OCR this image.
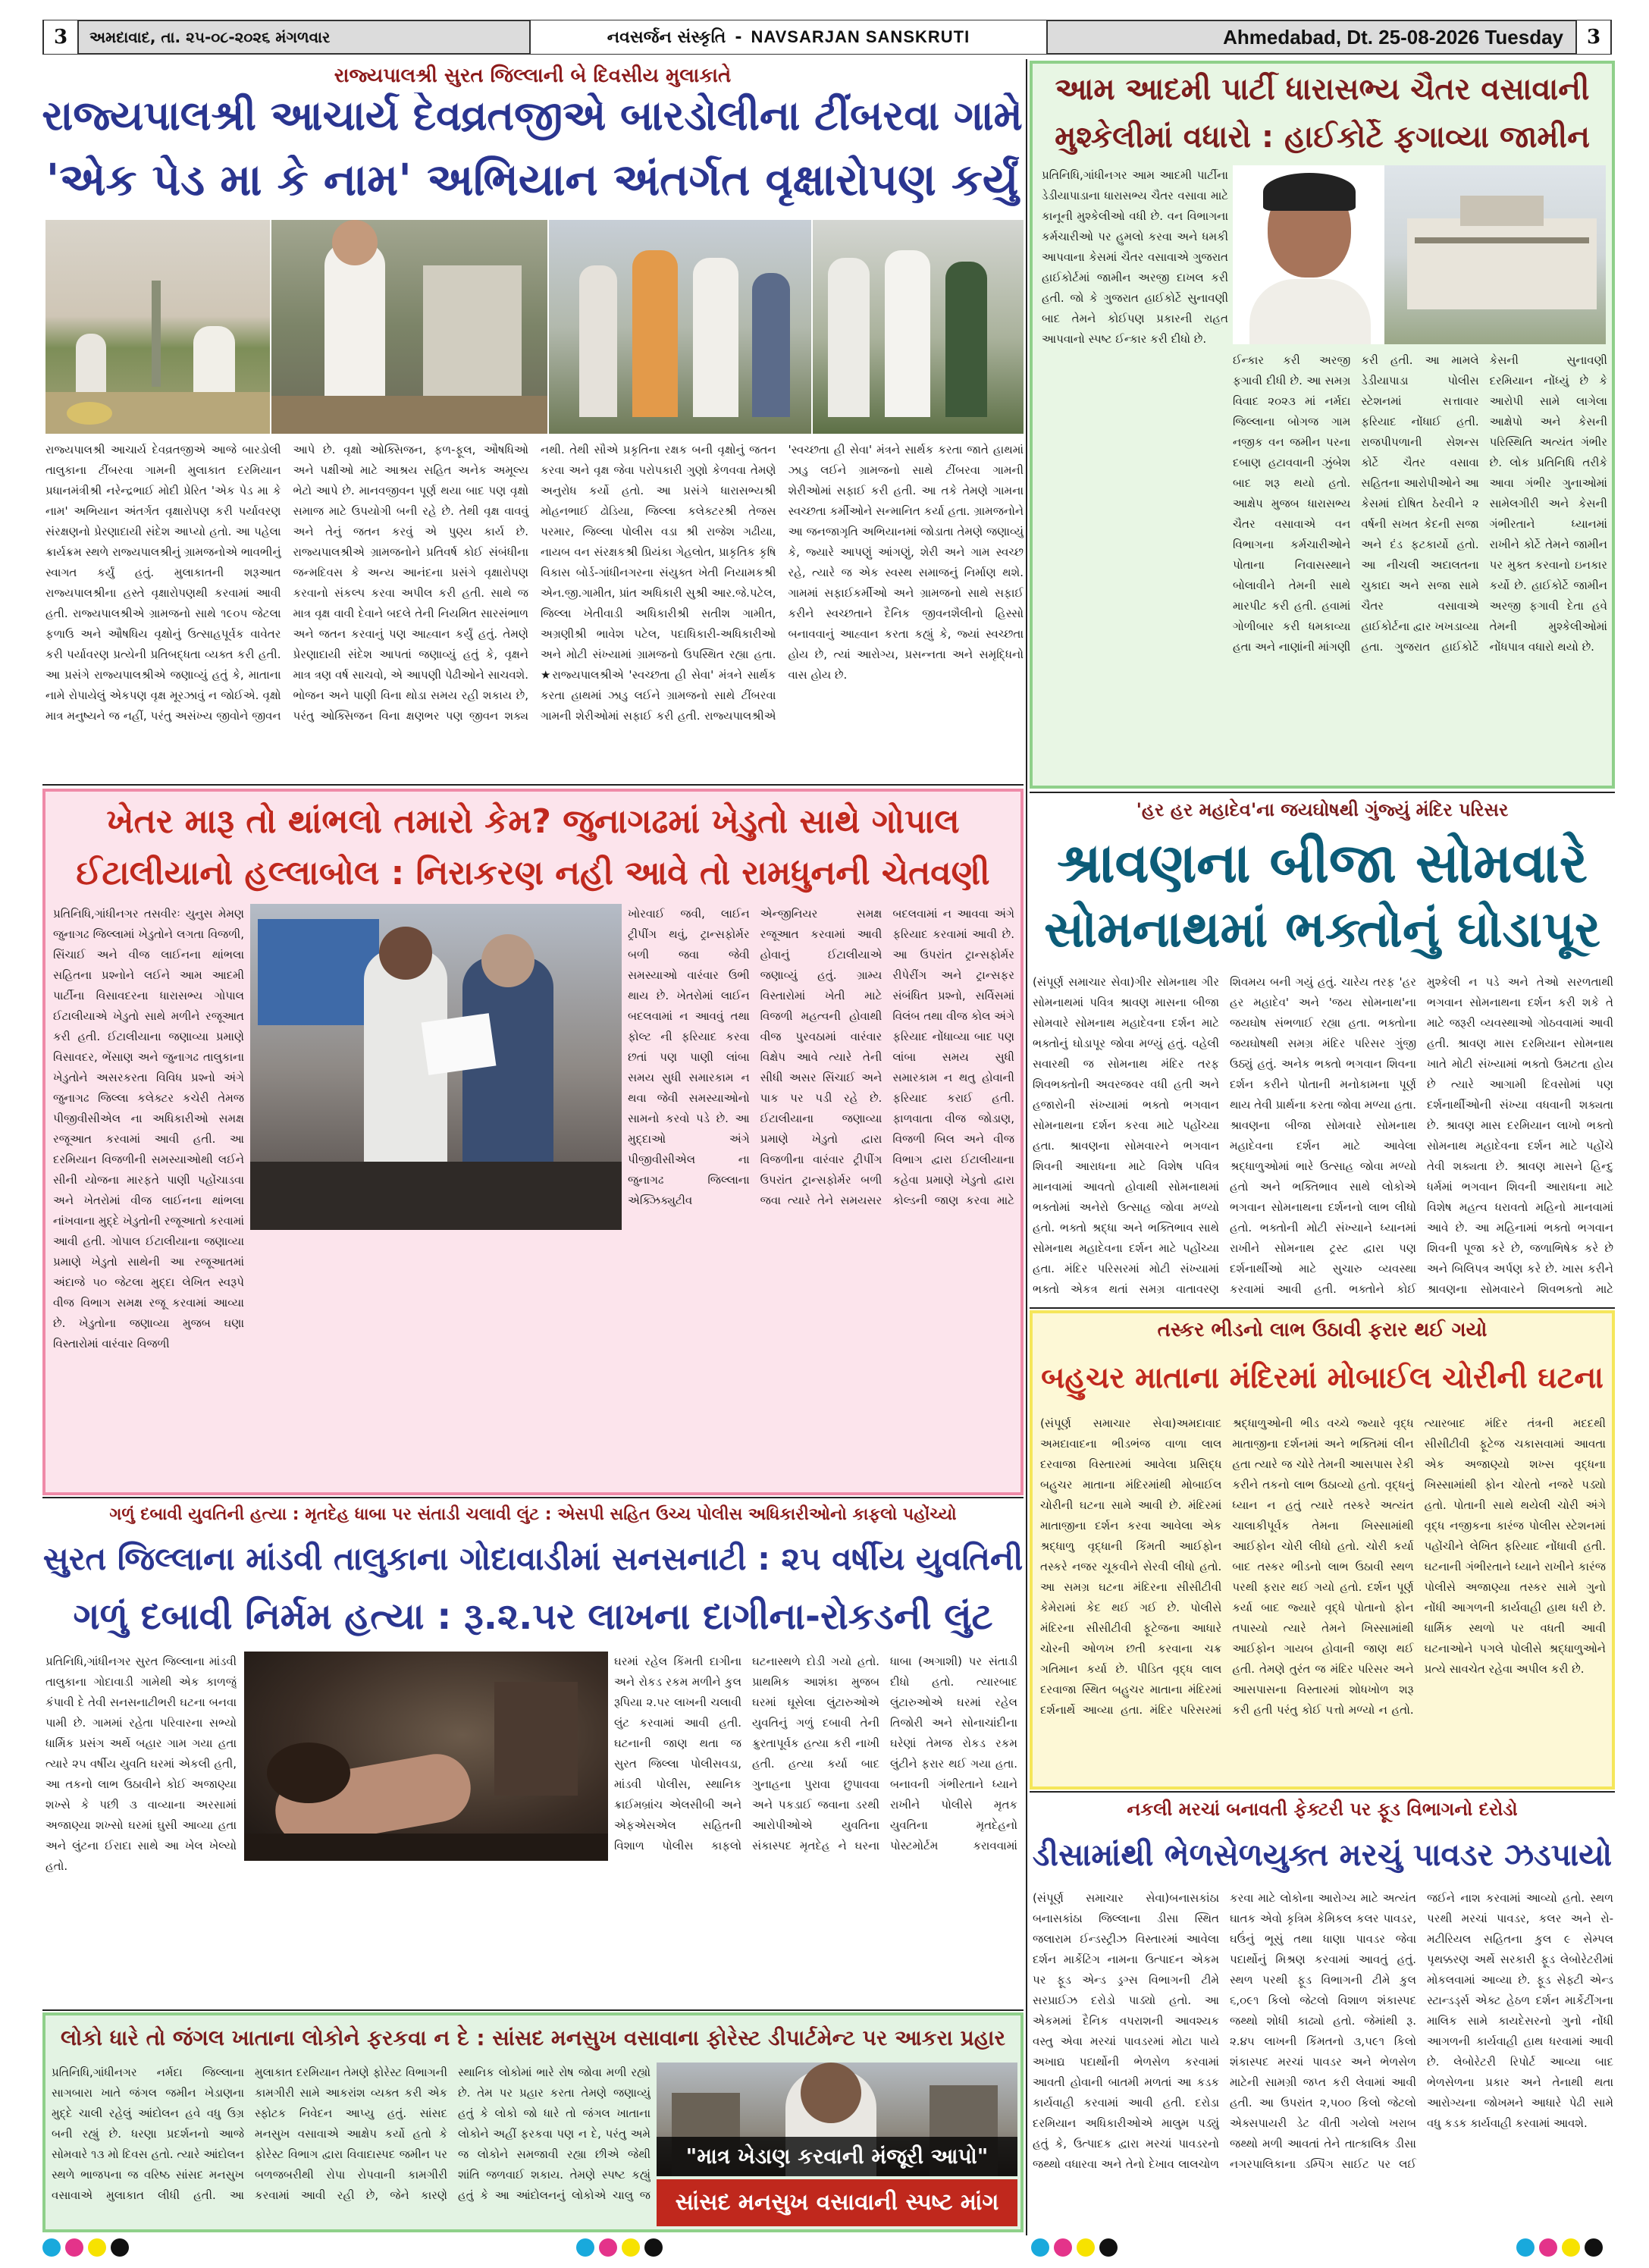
3	અમદાવાદ, તા. ૨૫-૦૮-૨૦૨૬ મંગળવાર	નવસર્જન સંસ્કૃતિ - NAVSARJAN SANSKRUTI	Ahmedabad, Dt. 25-08-2026 Tuesday	3
રાજ્યપાલશ્રી સુરત જિલ્લાની બે દિવસીય મુલાકાતે
રાજ્યપાલશ્રી આચાર્ય દેવવ્રતજીએ બારડોલીના ટીંબરવા ગામે
'એક પેડ મા કે નામ' અભિયાન અંતર્ગત વૃક્ષારોપણ કર્યું
રાજ્યપાલશ્રી આચાર્ય દેવવ્રતજીએ આજે બારડોલી તાલુકાના ટીંબરવા ગામની મુલાકાત દરમિયાન પ્રધાનમંત્રીશ્રી નરેન્દ્રભાઈ મોદી પ્રેરિત 'એક પેડ મા કે નામ' અભિયાન અંતર્ગત વૃક્ષારોપણ કરી પર્યાવરણ સંરક્ષણનો પ્રેરણાદાયી સંદેશ આપ્યો હતો. આ પહેલા ક્રાર્યક્રમ સ્થળે રાજ્યપાલશ્રીનું ગ્રામજનોએ ભાવભીનું સ્વાગત કર્યું હતું. મુલાકાતની શરૂઆત રાજ્યપાલશ્રીના હસ્તે વૃક્ષારોપણથી કરવામાં આવી હતી. રાજ્યપાલશ્રીએ ગ્રામજનો સાથે ૧૯૦૫ જેટલા ફળાઉ અને ઔષધિય વૃક્ષોનું ઉત્સાહપૂર્વક વાવેતર કરી પર્યાવરણ પ્રત્યેની પ્રતિબદ્ધતા વ્યક્ત કરી હતી. આ પ્રસંગે રાજ્યપાલશ્રીએ જણાવ્યું હતું કે, માતાના નામે રોપાયેલું એકપણ વૃક્ષ મૂરઝાવું ન જોઈએ. વૃક્ષો માત્ર મનુષ્યને જ નહીં, પરંતુ અસંખ્ય જીવોને જીવન આપે છે. વૃક્ષો ઓક્સિજન, ફળ-ફૂલ, ઔષધિઓ અને પક્ષીઓ માટે આશ્રય સહિત અનેક અમૂલ્ય ભેટો આપે છે. માનવજીવન પૂર્ણ થયા બાદ પણ વૃક્ષો સમાજ માટે ઉપયોગી બની રહે છે. તેથી વૃક્ષ વાવવું અને તેનું જતન કરવું એ પુણ્ય કાર્ય છે. રાજ્યપાલશ્રીએ ગ્રામજનોને પ્રતિવર્ષ કોઈ સંબંધીના જન્મદિવસ કે અન્ય આનંદના પ્રસંગે વૃક્ષારોપણ કરવાનો સંકલ્પ કરવા અપીલ કરી હતી. સાથે જ માત્ર વૃક્ષ વાવી દેવાને બદલે તેની નિયમિત સારસંભાળ અને જતન કરવાનું પણ આહ્વાન કર્યું હતું. તેમણે પ્રેરણાદાયી સંદેશ આપતાં જણાવ્યું હતું કે, વૃક્ષને માત્ર ત્રણ વર્ષ સાચવો, એ આપણી પેઢીઓને સાચવશે. ભોજન અને પાણી વિના થોડા સમય રહી શકાય છે, પરંતુ ઓક્સિજન વિના ક્ષણભર પણ જીવન શક્ય નથી. તેથી સૌએ પ્રકૃતિના રક્ષક બની વૃક્ષોનું જતન કરવા અને વૃક્ષ જેવા પરોપકારી ગુણો કેળવવા તેમણે અનુરોધ કર્યો હતો. આ પ્રસંગે ધારાસભ્યશ્રી મોહનભાઈ ઢોડિયા, જિલ્લા કલેક્ટરશ્રી તેજસ પરમાર, જિલ્લા પોલીસ વડા શ્રી રાજેશ ગઢીયા, નાયબ વન સંરક્ષકશ્રી પ્રિયંકા ગેહલોત, પ્રાકૃતિક કૃષિ વિકાસ બોર્ડ-ગાંધીનગરના સંયુક્ત ખેતી નિયામકશ્રી એન.જી.ગામીત, પ્રાંત અધિકારી સુશ્રી આર.જે.પટેલ, જિલ્લા ખેતીવાડી અધિકારીશ્રી સતીશ ગામીત, અગ્રણીશ્રી ભાવેશ પટેલ, પદાધિકારી-અધિકારીઓ અને મોટી સંખ્યામાં ગ્રામજનો ઉપસ્થિત રહ્યા હતા. ★રાજ્યપાલશ્રીએ 'સ્વચ્છતા હી સેવા' મંત્રને સાર્થક કરતા હાથમાં ઝાડુ લઈને ગ્રામજનો સાથે ટીંબરવા ગામની શેરીઓમાં સફાઈ કરી હતી. રાજ્યપાલશ્રીએ 'સ્વચ્છતા હી સેવા' મંત્રને સાર્થક કરતા જાતે હાથમાં ઝાડુ લઈને ગ્રામજનો સાથે ટીંબરવા ગામની શેરીઓમાં સફાઈ કરી હતી. આ તકે તેમણે ગામના સ્વચ્છતા કર્મીઓને સન્માનિત કર્યા હતા. ગ્રામજનોને આ જનજાગૃતિ અભિયાનમાં જોડાતા તેમણે જણાવ્યું કે, જ્યારે આપણું આંગણું, શેરી અને ગામ સ્વચ્છ રહે, ત્યારે જ એક સ્વસ્થ સમાજનું નિર્માણ થશે. ગામમાં સફાઈકર્મીઓ અને ગ્રામજનો સાથે સફાઈ કરીને સ્વચ્છતાને દૈનિક જીવનશૈલીનો હિસ્સો બનાવવાનું આહ્વાન કરતા કહ્યું કે, જ્યાં સ્વચ્છતા હોય છે, ત્યાં આરોગ્ય, પ્રસન્નતા અને સમૃદ્ધિનો વાસ હોય છે.
આમ આદમી પાર્ટી ધારાસભ્ય ચૈતર વસાવાની
મુશ્કેલીમાં વધારો : હાઈકોર્ટે ફગાવ્યા જામીન
પ્રતિનિધિ,ગાંધીનગર આમ આદમી પાર્ટીના ડેડીયાપાડાના ધારાસભ્ય ચૈતર વસાવા માટે કાનૂની મુશ્કેલીઓ વધી છે. વન વિભાગના કર્મચારીઓ પર હુમલો કરવા અને ધમકી આપવાના કેસમાં ચૈતર વસાવાએ ગુજરાત હાઈકોર્ટમાં જામીન અરજી દાખલ કરી હતી. જો કે ગુજરાત હાઈકોર્ટે સુનાવણી બાદ તેમને કોઈપણ પ્રકારની રાહત આપવાનો સ્પષ્ટ ઈન્કાર કરી દીધો છે.
ઈન્કાર કરી અરજી ફગાવી દીધી છે. આ સમગ્ર વિવાદ ૨૦૨૩ માં નર્મદા જિલ્લાના બોગજ ગામ નજીક વન જમીન પરના દબાણ હટાવવાની ઝુંબેશ બાદ શરૂ થયો હતો. આક્ષેપ મુજબ ધારાસભ્ય ચૈતર વસાવાએ વન વિભાગના કર્મચારીઓને પોતાના નિવાસસ્થાને બોલાવીને તેમની સાથે મારપીટ કરી હતી. હવામાં ગોળીબાર કરી ધમકાવ્યા હતા અને નાણાંની માંગણી કરી હતી. આ મામલે ડેડીયાપાડા પોલીસ સ્ટેશનમાં સત્તાવાર ફરિયાદ નોંધાઈ હતી. રાજપીપળાની સેશન્સ કોર્ટે ચૈતર વસાવા સહિતના આરોપીઓને આ કેસમાં દોષિત ઠેરવીને ૨ વર્ષની સખત કેદની સજા અને દંડ ફટકાર્યો હતો. આ નીચલી અદાલતના ચુકાદા અને સજા સામે ચૈતર વસાવાએ હાઈકોર્ટના દ્વાર ખખડાવ્યા હતા. ગુજરાત હાઈકોર્ટે કેસની સુનાવણી દરમિયાન નોંધ્યું છે કે આરોપી સામે લાગેલા આક્ષેપો અને કેસની પરિસ્થિતિ અત્યંત ગંભીર છે. લોક પ્રતિનિધિ તરીકે આવા ગંભીર ગુનાઓમાં સામેલગીરી અને કેસની ગંભીરતાને ધ્યાનમાં રાખીને કોર્ટે તેમને જામીન પર મુક્ત કરવાનો ઇનકાર કર્યો છે. હાઈકોર્ટે જામીન અરજી ફગાવી દેતા હવે તેમની મુશ્કેલીઓમાં નોંધપાત્ર વધારો થયો છે.
'હર હર મહાદેવ'ના જયઘોષથી ગુંજ્યું મંદિર પરિસર
શ્રાવણના બીજા સોમવારે
સોમનાથમાં ભક્તોનું ઘોડાપૂર
(સંપૂર્ણ સમાચાર સેવા)ગીર સોમનાથ ગીર સોમનાથમાં પવિત્ર શ્રાવણ માસના બીજા સોમવારે સોમનાથ મહાદેવના દર્શન માટે ભક્તોનું ઘોડાપૂર જોવા મળ્યું હતું. વહેલી સવારથી જ સોમનાથ મંદિર તરફ શિવભક્તોની અવરજવર વધી હતી અને હજારોની સંખ્યામાં ભક્તો ભગવાન સોમનાથના દર્શન કરવા માટે પહોંચ્યા હતા. શ્રાવણના સોમવારને ભગવાન શિવની આરાધના માટે વિશેષ પવિત્ર માનવામાં આવતો હોવાથી સોમનાથમાં ભક્તોમાં અનેરો ઉત્સાહ જોવા મળ્યો હતો. ભક્તો શ્રદ્ધા અને ભક્તિભાવ સાથે સોમનાથ મહાદેવના દર્શન માટે પહોંચ્યા હતા. મંદિર પરિસરમાં મોટી સંખ્યામાં ભક્તો એકત્ર થતાં સમગ્ર વાતાવરણ શિવમય બની ગયું હતું. ચારેય તરફ 'હર હર મહાદેવ' અને 'જય સોમનાથ'ના જયઘોષ સંભળાઈ રહ્યા હતા. ભક્તોના જયઘોષથી સમગ્ર મંદિર પરિસર ગુંજી ઉઠ્યું હતું. અનેક ભક્તો ભગવાન શિવના દર્શન કરીને પોતાની મનોકામના પૂર્ણ થાય તેવી પ્રાર્થના કરતા જોવા મળ્યા હતા. શ્રાવણના બીજા સોમવારે સોમનાથ મહાદેવના દર્શન માટે આવેલા શ્રદ્ધાળુઓમાં ભારે ઉત્સાહ જોવા મળ્યો હતો અને ભક્તિભાવ સાથે લોકોએ ભગવાન સોમનાથના દર્શનનો લાભ લીધો હતો. ભક્તોની મોટી સંખ્યાને ધ્યાનમાં રાખીને સોમનાથ ટ્રસ્ટ દ્વારા પણ દર્શનાર્થીઓ માટે સુચારુ વ્યવસ્થા કરવામાં આવી હતી. ભક્તોને કોઈ મુશ્કેલી ન પડે અને તેઓ સરળતાથી ભગવાન સોમનાથના દર્શન કરી શકે તે માટે જરૂરી વ્યવસ્થાઓ ગોઠવવામાં આવી હતી. શ્રાવણ માસ દરમિયાન સોમનાથ ખાતે મોટી સંખ્યામાં ભક્તો ઉમટતા હોય છે ત્યારે આગામી દિવસોમાં પણ દર્શનાર્થીઓની સંખ્યા વધવાની શક્યતા છે. શ્રાવણ માસ દરમિયાન લાખો ભક્તો સોમનાથ મહાદેવના દર્શન માટે પહોંચે તેવી શક્યતા છે. શ્રાવણ માસને હિન્દુ ધર્મમાં ભગવાન શિવની આરાધના માટે વિશેષ મહત્વ ધરાવતો મહિનો માનવામાં આવે છે. આ મહિનામાં ભક્તો ભગવાન શિવની પૂજા કરે છે, જળાભિષેક કરે છે અને બિલિપત્ર અર્પણ કરે છે. ખાસ કરીને શ્રાવણના સોમવારને શિવભક્તો માટે
ખેતર મારૂ તો થાંભલો તમારો કેમ? જુનાગઢમાં ખેડુતો સાથે ગોપાલ
ઈટાલીયાનો હલ્લાબોલ : નિરાકરણ નહી આવે તો રામધુનની ચેતવણી
પ્રતિનિધિ,ગાંધીનગર તસવીરઃ યુનુસ મેમણ જુનાગઢ જિલ્લામાં ખેડુતોને લગતા વિજળી, સિંચાઈ અને વીજ લાઈનના થાંભલા સહિતના પ્રશ્નોને લઈને આમ આદમી પાર્ટીના વિસાવદરના ધારાસભ્ય ગોપાલ ઈટાલીયાએ ખેડુતો સાથે મળીને રજૂઆત કરી હતી. ઈટાલીયાના જણાવ્યા પ્રમાણે વિસાવદર, ભેંસાણ અને જુનાગઢ તાલુકાના ખેડુતોને અસરકરતા વિવિધ પ્રશ્નો અંગે જુનાગઢ જિલ્લા કલેક્ટર કચેરી તેમજ પીજીવીસીએલ ના અધિકારીઓ સમક્ષ રજૂઆત કરવામાં આવી હતી. આ દરમિયાન વિજળીની સમસ્યાઓથી લઈને સીની યોજના મારફતે પાણી પહોંચાડવા અને ખેતરોમાં વીજ લાઈનના થાંભલા નાંખવાના મુદ્દે ખેડુતોની રજૂઆતો કરવામાં આવી હતી. ગોપાલ ઈટાલીયાના જણાવ્યા પ્રમાણે ખેડુતો સાથેની આ રજૂઆતમાં અંદાજે ૫૦ જેટલા મુદ્દા લેખિત સ્વરૂપે વીજ વિભાગ સમક્ષ રજૂ કરવામાં આવ્યા છે. ખેડુતોના જણાવ્યા મુજબ ઘણા વિસ્તારોમાં વારંવાર વિજળી
ખોરવાઈ જવી, લાઈન ટ્રીપીંગ થવું, ટ્રાન્સફોર્મર બળી જવા જેવી સમસ્યાઓ વારંવાર ઉભી થાય છે. ખેતરોમાં લાઈન બદલવામાં ન આવવું તથા ફોલ્ટ ની ફરિયાદ કરવા છતાં પણ પાણી લાંબા સમય સુધી સમારકામ ન થવા જેવી સમસ્યાઓનો સામનો કરવો પડે છે. આ મુદ્દાઓ અંગે પીજીવીસીએલ ના જુનાગઢ જિલ્લાના એક્ઝિક્યુટીવ એન્જીનિયર સમક્ષ રજૂઆત કરવામાં આવી હોવાનું ઈટાલીયાએ જણાવ્યું હતું. ગ્રામ્ય વિસ્તારોમાં ખેતી માટે વિજળી મહત્વની હોવાથી વીજ પુરવઠામાં વારંવાર વિક્ષેપ આવે ત્યારે તેની સીધી અસર સિંચાઈ અને પાક પર પડી રહે છે. ઈટાલીયાના જણાવ્યા પ્રમાણે ખેડુતો દ્વારા વિજળીના વારંવાર ટ્રીપીંગ ઉપરાંત ટ્રાન્સફોર્મર બળી જવા ત્યારે તેને સમયસર બદલવામાં ન આવવા અંગે ફરિયાદ કરવામાં આવી છે. આ ઉપરાંત ટ્રાન્સફોર્મર રીપેરીંગ અને ટ્રાન્સફર સંબંધિત પ્રશ્નો, સર્વિસમાં વિલંબ તથા વીજ કોલ અંગે ફરિયાદ નોંધાવ્યા બાદ પણ લાંબા સમય સુધી સમારકામ ન થતુ હોવાની ફરિયાદ કરાઈ હતી. ફાળવાતા વીજ જોડાણ, વિજળી બિલ અને વીજ વિભાગ દ્વારા ઈટાલીયાના કહેવા પ્રમાણે ખેડુતો દ્વારા કોલ્ડની જાણ કરવા માટે
તસ્કર ભીડનો લાભ ઉઠાવી ફરાર થઈ ગયો
બહુચર માતાના મંદિરમાં મોબાઈલ ચોરીની ઘટના
(સંપૂર્ણ સમાચાર સેવા)અમદાવાદ અમદાવાદના ભીડભંજ વાળા લાલ દરવાજા વિસ્તારમાં આવેલા પ્રસિદ્ધ બહુચર માતાના મંદિરમાંથી મોબાઈલ ચોરીની ઘટના સામે આવી છે. મંદિરમાં માતાજીના દર્શન કરવા આવેલા એક શ્રદ્ધાળુ વૃદ્ધાની કિંમતી આઈફોન તસ્કરે નજર ચૂકવીને સેરવી લીધો હતો. આ સમગ્ર ઘટના મંદિરના સીસીટીવી કેમેરામાં કેદ થઈ ગઈ છે. પોલીસે મંદિરના સીસીટીવી ફૂટેજના આધારે ચોરની ઓળખ છતી કરવાના ચક્ર ગતિમાન કર્યા છે. પીડિત વૃદ્ધ લાલ દરવાજા સ્થિત બહુચર માતાના મંદિરમાં દર્શનાર્થે આવ્યા હતા. મંદિર પરિસરમાં શ્રદ્ધાળુઓની ભીડ વચ્ચે જ્યારે વૃદ્ધ માતાજીના દર્શનમાં અને ભક્તિમાં લીન હતા ત્યારે જ ચોરે તેમની આસપાસ રેકી કરીને તકનો લાભ ઉઠાવ્યો હતો. વૃદ્ધનું ધ્યાન ન હતું ત્યારે તસ્કરે અત્યંત ચાલાકીપૂર્વક તેમના ખિસ્સામાંથી આઈફોન ચોરી લીધો હતો. ચોરી કર્યા બાદ તસ્કર ભીડનો લાભ ઉઠાવી સ્થળ પરથી ફરાર થઈ ગયો હતો. દર્શન પૂર્ણ કર્યા બાદ જ્યારે વૃદ્ધે પોતાનો ફોન તપાસ્યો ત્યારે તેમને ખિસ્સામાંથી આઈફોન ગાયબ હોવાની જાણ થઈ હતી. તેમણે તુરંત જ મંદિર પરિસર અને આસપાસના વિસ્તારમાં શોધખોળ શરૂ કરી હતી પરંતુ કોઈ પત્તો મળ્યો ન હતો. ત્યારબાદ મંદિર તંત્રની મદદથી સીસીટીવી ફૂટેજ ચકાસવામાં આવતા એક અજાણ્યો શખ્સ વૃદ્ધના ખિસ્સામાંથી ફોન ચોરતો નજરે પડ્યો હતો. પોતાની સાથે થયેલી ચોરી અંગે વૃદ્ધ નજીકના કારંજ પોલીસ સ્ટેશનમાં પહોંચીને લેખિત ફરિયાદ નોંધાવી હતી. ઘટનાની ગંભીરતાને ધ્યાને રાખીને કારંજ પોલીસે અજાણ્યા તસ્કર સામે ગુનો નોંધી આગળની કાર્યવાહી હાથ ધરી છે. ધાર્મિક સ્થળો પર વધતી આવી ઘટનાઓને પગલે પોલીસે શ્રદ્ધાળુઓને પ્રત્યે સાવચેત રહેવા અપીલ કરી છે.
ગળું દબાવી યુવતિની હત્યા : મૃતદેહ ધાબા પર સંતાડી ચલાવી લુંટ : એસપી સહિત ઉચ્ચ પોલીસ અધિકારીઓનો કાફલો પહોંચ્યો
સુરત જિલ્લાના માંડવી તાલુકાના ગોદાવાડીમાં સનસનાટી : ૨૫ વર્ષીય યુવતિની
ગળું દબાવી નિર્મમ હત્યા : રૂ.૨.૫ર લાખના દાગીના-રોકડની લુંટ
પ્રતિનિધિ,ગાંધીનગર સુરત જિલ્લાના માંડવી તાલુકાના ગોદાવાડી ગામેથી એક કાળજું કંપાવી દે તેવી સનસનાટીભરી ઘટના બનવા પામી છે. ગામમાં રહેતા પરિવારના સભ્યો ધાર્મિક પ્રસંગ અર્થે બહાર ગામ ગયા હતા ત્યારે ૨૫ વર્ષીય યુવતિ ઘરમાં એકલી હતી, આ તકનો લાભ ઉઠાવીને કોઈ અજાણ્યા શખ્સે કે પછી ૩ વાવ્યાના અરસામાં અજાણ્યા શખ્સો ઘરમાં ઘુસી આવ્યા હતા અને લુંટના ઈરાદા સાથે આ ખેલ ખેલ્યો હતો.
ઘરમાં રહેલ કિંમતી દાગીના અને રોકડ રકમ મળીને કુલ રૂપિયા ૨.૫ર લાખની ચલાવી લુંટ કરવામાં આવી હતી. ઘટનાની જાણ થતા જ સુરત જિલ્લા પોલીસવડા, માંડવી પોલીસ, સ્થાનિક ક્રાઈમબ્રાંચ એલસીબી અને એફએસએલ સહિતની વિશાળ પોલીસ કાફલો ઘટનાસ્થળે દોડી ગયો હતો. પ્રાથમિક આશંકા મુજબ ઘરમાં ઘૂસેલા લુંટારુઓએ યુવતિનું ગળું દબાવી તેની ક્રુરતાપૂર્વક હત્યા કરી નાખી હતી. હત્યા કર્યા બાદ ગુનાહના પુરાવા છુપાવવા અને પકડાઈ જવાના ડરથી આરોપીઓએ યુવતિના સંકાસ્પદ મૃતદેહ ને ઘરના ધાબા (અગાશી) પર સંતાડી દીધો હતો. ત્યારબાદ લુંટારુઓએ ઘરમાં રહેલ તિજોરી અને સોનાચાંદીના ઘરેણાં તેમજ રોકડ રકમ લુંટીને ફરાર થઈ ગયા હતા. બનાવની ગંભીરતાને ધ્યાને રાખીને પોલીસે મૃતક યુવતિના મૃતદેહનો પોસ્ટમોર્ટમ કરાવવામાં
નકલી મરચાં બનાવતી ફેક્ટરી પર ફૂડ વિભાગનો દરોડો
ડીસામાંથી ભેળસેળયુક્ત મરચું પાવડર ઝડપાયો
(સંપૂર્ણ સમાચાર સેવા)બનાસકાંઠા બનાસકાંઠા જિલ્લાના ડીસા સ્થિત જલારામ ઈન્ડસ્ટ્રીઝ વિસ્તારમાં આવેલા દર્શન માર્કેટિંગ નામના ઉત્પાદન એકમ પર ફૂડ એન્ડ ડ્રગ્સ વિભાગની ટીમે સરપ્રાઈઝ દરોડો પાડ્યો હતો. આ એકમમાં દૈનિક વપરાશની આવશ્યક વસ્તુ એવા મરચાં પાવડરમાં મોટા પાયે અખાદ્ય પદાર્થોની ભેળસેળ કરવામાં આવતી હોવાની બાતમી મળતાં આ કડક કાર્યવાહી કરવામાં આવી હતી. દરોડા દરમિયાન અધિકારીઓએ માલુમ પડ્યું હતું કે, ઉત્પાદક દ્વારા મરચાં પાવડરનો જથ્થો વધારવા અને તેનો દેખાવ લાલચોળ કરવા માટે લોકોના આરોગ્ય માટે અત્યંત ઘાતક એવો કૃત્રિમ કેમિકલ કલર પાવડર, ઘઉંનું ભૂસું તથા ધાણા પાવડર જેવા પદાર્થોનું મિશ્રણ કરવામાં આવતું હતું. સ્થળ પરથી ફૂડ વિભાગની ટીમે કુલ ૬,૦૯૧ કિલો જેટલો વિશાળ શંકાસ્પદ જથ્થો શોધી કાઢ્યો હતો. જેમાંથી રૂ. ૨.૪૫ લાખની કિંમતનો ૩,૫૯૧ કિલો શંકાસ્પદ મરચાં પાવડર અને ભેળસેળ માટેની સામગ્રી જપ્ત કરી લેવામાં આવી હતી. આ ઉપરાંત ૨,૫૦૦ કિલો જેટલો એક્સપાયરી ડેટ વીતી ગયેલો ખરાબ જથ્થો મળી આવતાં તેને તાત્કાલિક ડીસા નગરપાલિકાના ડમ્પિંગ સાઈટ પર લઈ જઈને નાશ કરવામાં આવ્યો હતો. સ્થળ પરથી મરચાં પાવડર, કલર અને રો-મટીરિયલ સહિતના કુલ ૯ સેમ્પલ પૃથક્કરણ અર્થે સરકારી ફૂડ લેબોરેટરીમાં મોકલવામાં આવ્યા છે. ફૂડ સેફ્ટી એન્ડ સ્ટાન્ડર્ડ્સ એક્ટ હેઠળ દર્શન માર્કેટીંગના માલિક સામે કાયદેસરનો ગુનો નોંધી આગળની કાર્યવાહી હાથ ધરવામાં આવી છે. લેબોરેટરી રિપોર્ટ આવ્યા બાદ ભેળસેળના પ્રકાર અને તેનાથી થતા આરોગ્યના જોખમને આધારે પેઢી સામે વધુ કડક કાર્યવાહી કરવામાં આવશે.
લોકો ધારે તો જંગલ ખાતાના લોકોને ફરકવા ન દે : સાંસદ મનસુખ વસાવાના ફોરેસ્ટ ડીપાર્ટમેન્ટ પર આકરા પ્રહાર
પ્રતિનિધિ,ગાંધીનગર નર્મદા જિલ્લાના સાગબારા ખાતે જંગલ જમીન ખેડાણના મુદ્દે ચાલી રહેલું આંદોલન હવે વધુ ઉગ્ર બની રહ્યું છે. ધરણા પ્રદર્શનનો આજે સોમવારે ૧૩ મો દિવસ હતો. ત્યારે આંદોલન સ્થળે ભાજપના જ વરિષ્ઠ સાંસદ મનસુખ વસાવાએ મુલાકાત લીધી હતી. આ મુલાકાત દરમિયાન તેમણે ફોરેસ્ટ વિભાગની કામગીરી સામે આકરાંશ વ્યક્ત કરી એક સ્ફોટક નિવેદન આપ્યુ હતું. સાંસદ મનસુખ વસાવાએ આક્ષેપ કર્યો હતો કે ફોરેસ્ટ વિભાગ દ્વારા વિવાદાસ્પદ જમીન પર બળજબરીથી રોપા રોપવાની કામગીરી કરવામાં આવી રહી છે, જેને કારણે સ્થાનિક લોકોમાં ભારે રોષ જોવા મળી રહ્યો છે. તેમ પર પ્રહાર કરતા તેમણે જણાવ્યું હતું કે લોકો જો ધારે તો જંગલ ખાતાના લોકોને અહીં ફરકવા પણ ન દે, પરંતુ અમે જ લોકોને સમજાવી રહ્યા છીએ જેથી શાંતિ જળવાઈ શકાય. તેમણે સ્પષ્ટ કહ્યું હતું કે આ આંદોલનનું લોકોએ ચાલુ જ
"માત્ર ખેડાણ કરવાની મંજૂરી આપો"
સાંસદ મનસુખ વસાવાની સ્પષ્ટ માંગ
